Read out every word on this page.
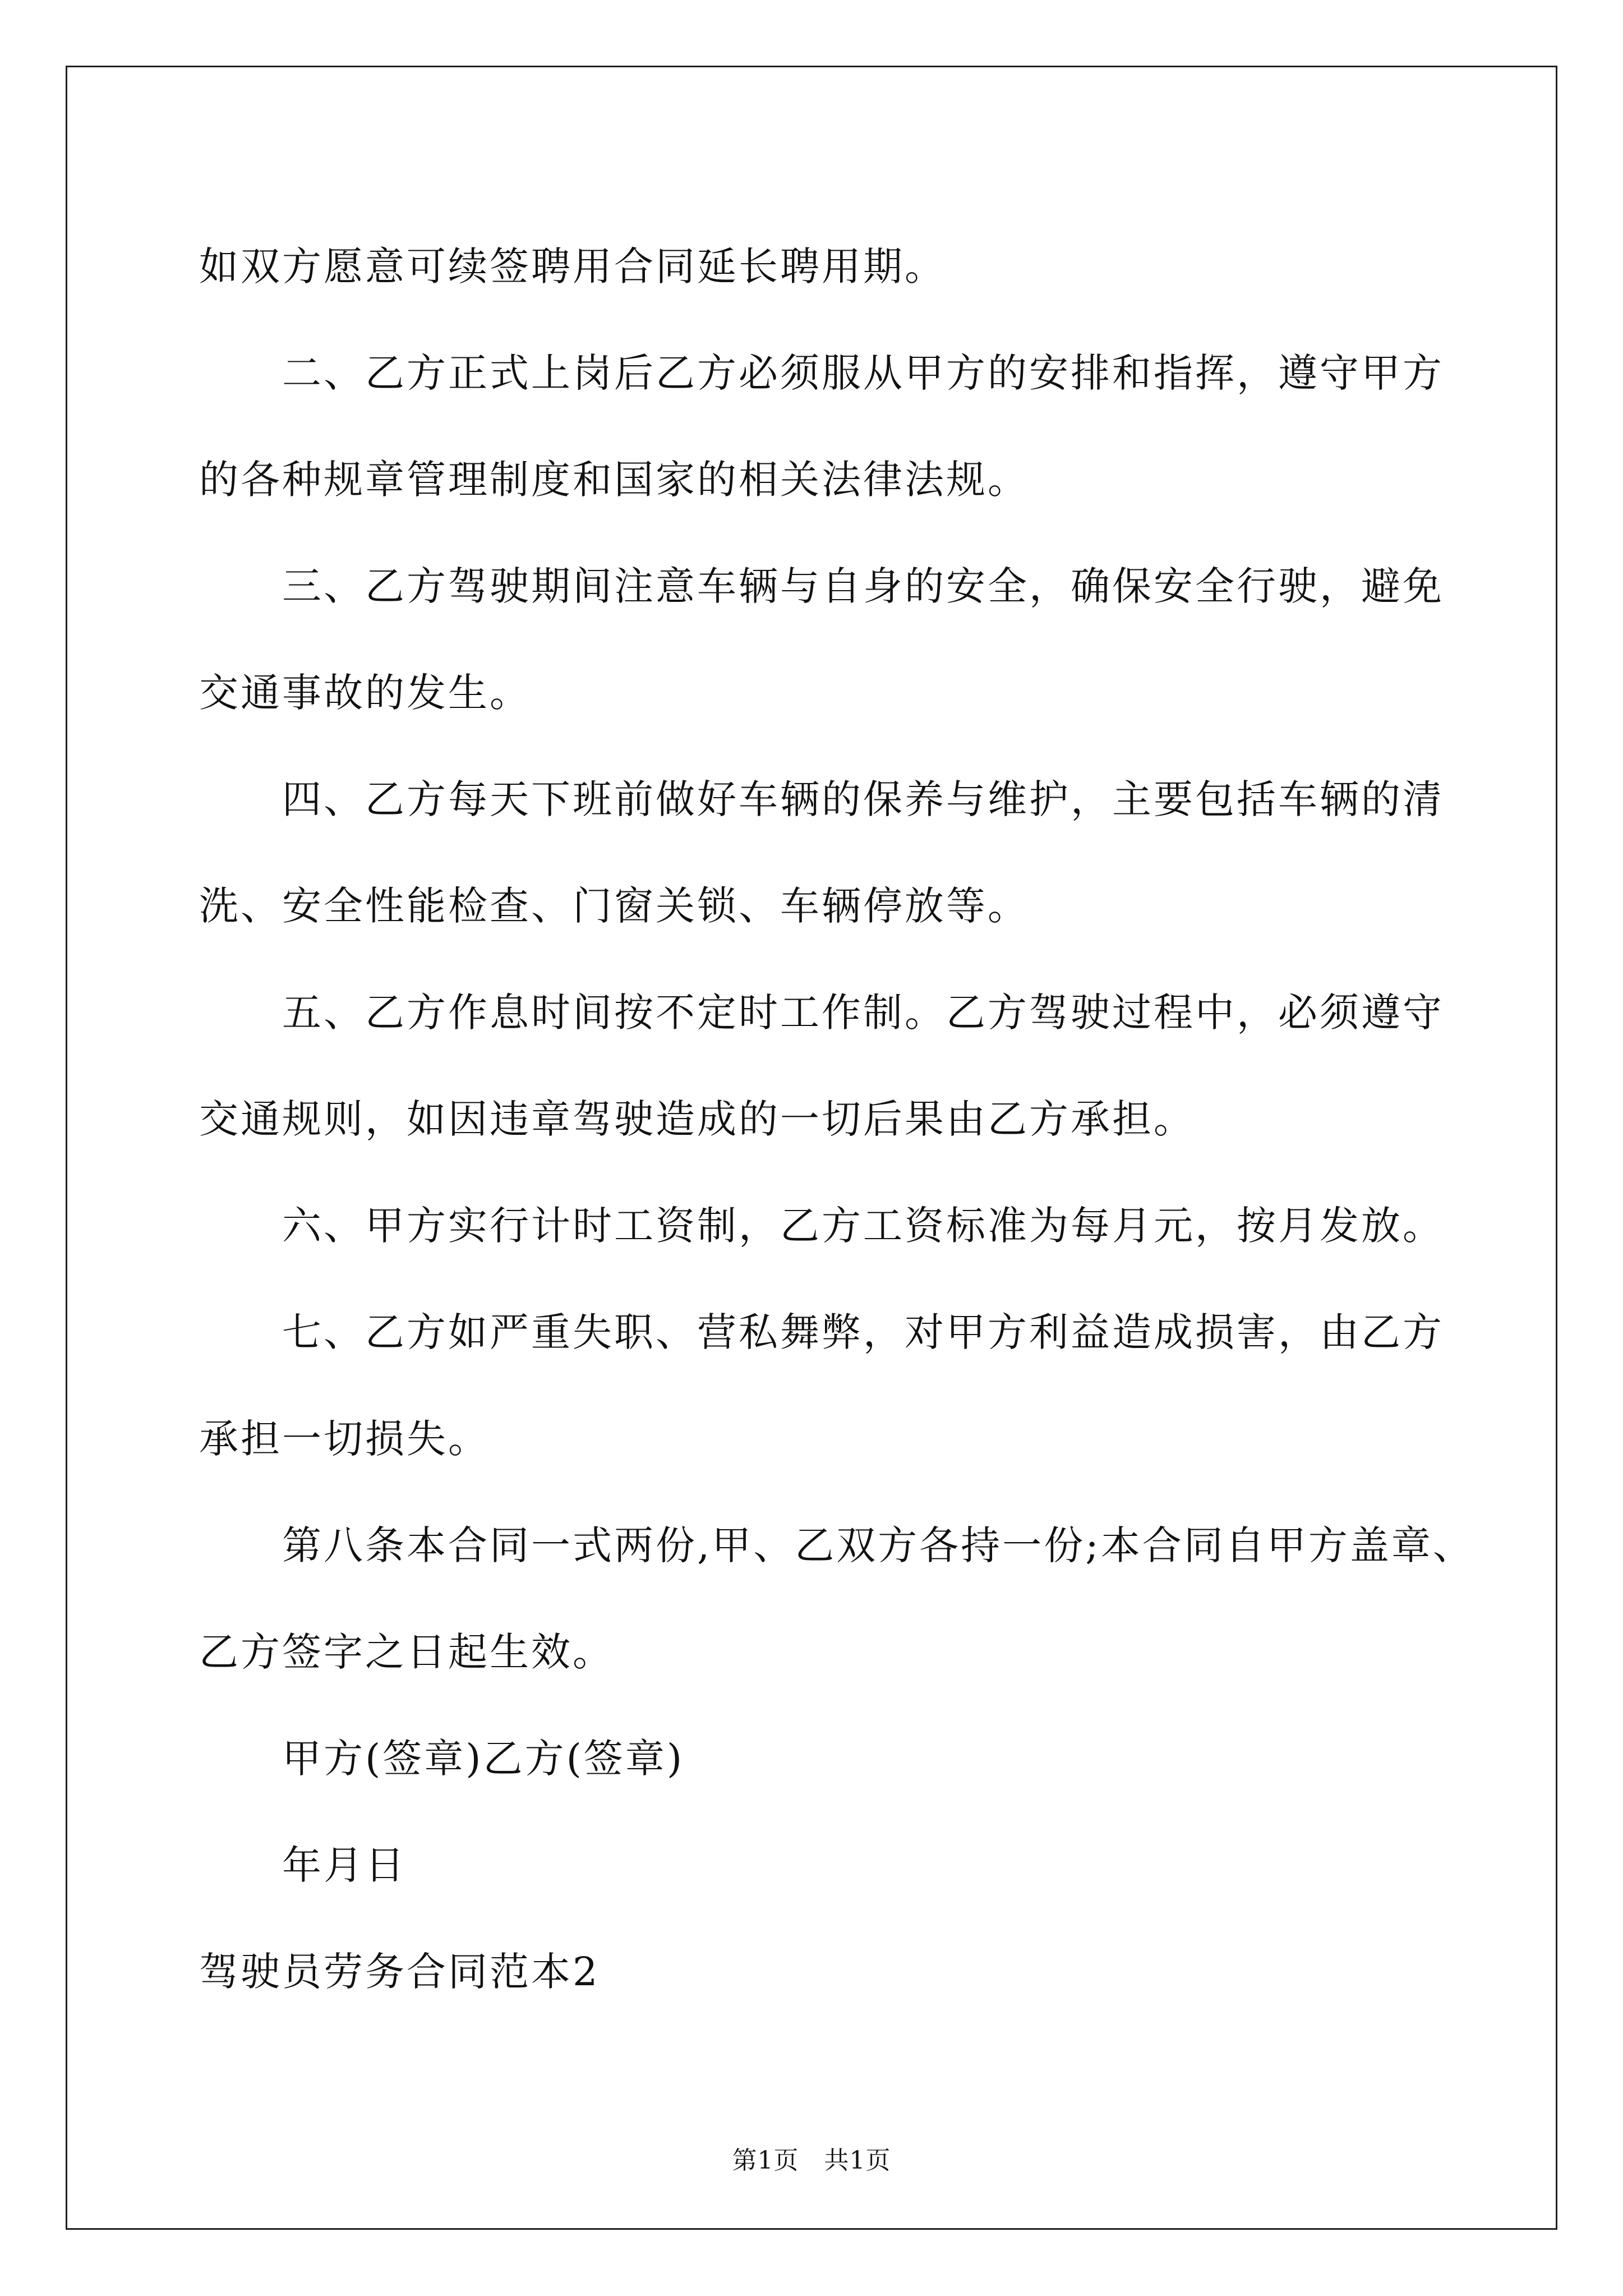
如双方愿意可续签聘用合同延长聘用期。

二、乙方正式上岗后乙方必须服从甲方的安排和指挥，遵守甲方

的各种规章管理制度和国家的相关法律法规。

三、乙方驾驶期间注意车辆与自身的安全，确保安全行驶，避免

交通事故的发生。

四、乙方每天下班前做好车辆的保养与维护，主要包括车辆的清

洗、安全性能检查、门窗关锁、车辆停放等。

五、乙方作息时间按不定时工作制。乙方驾驶过程中，必须遵守

交通规则，如因违章驾驶造成的一切后果由乙方承担。

六、甲方实行计时工资制，乙方工资标准为每月元，按月发放。

七、乙方如严重失职、营私舞弊，对甲方利益造成损害，由乙方

承担一切损失。

第八条本合同一式两份,甲、乙双方各持一份;本合同自甲方盖章、

乙方签字之日起生效。

甲方(签章)乙方(签章)

年月日

驾驶员劳务合同范本2

第1页　共1页
